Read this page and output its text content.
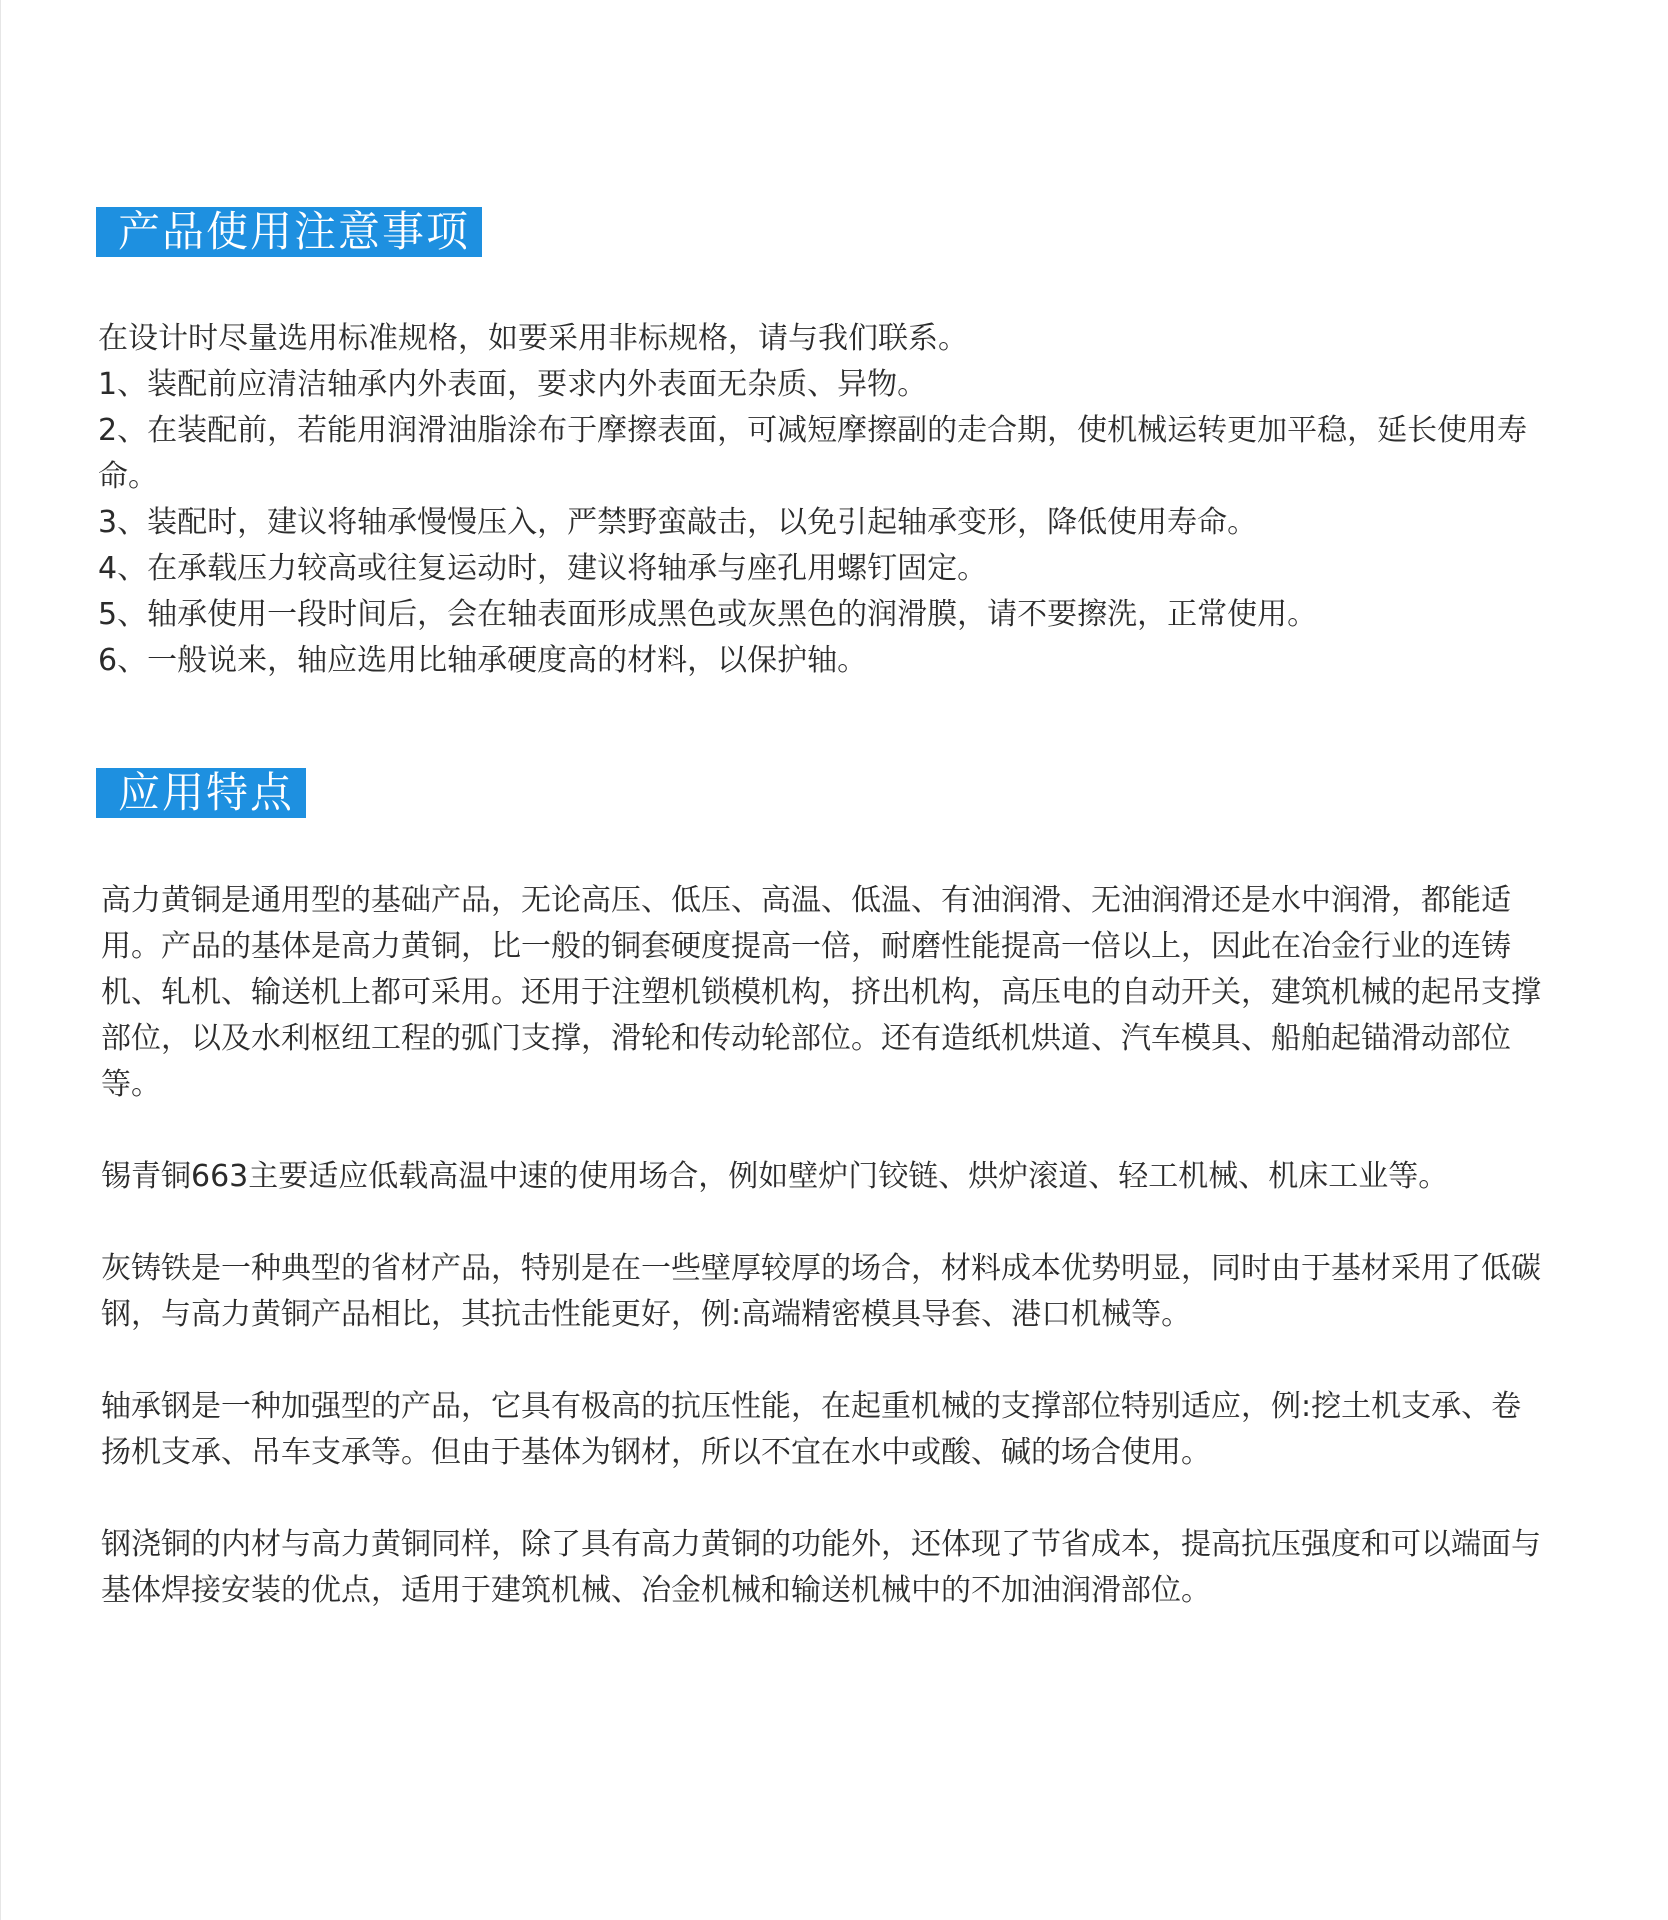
产品使用注意事项

在设计时尽量选用标准规格，如要采用非标规格，请与我们联系。

1、装配前应清洁轴承内外表面，要求内外表面无杂质、异物。

2、在装配前，若能用润滑油脂涂布于摩擦表面，可减短摩擦副的走合期，使机械运转更加平稳，延长使用寿命。

3、装配时，建议将轴承慢慢压入，严禁野蛮敲击，以免引起轴承变形，降低使用寿命。

4、在承载压力较高或往复运动时，建议将轴承与座孔用螺钉固定。

5、轴承使用一段时间后，会在轴表面形成黑色或灰黑色的润滑膜，请不要擦洗，正常使用。

6、一般说来，轴应选用比轴承硬度高的材料，以保护轴。

应用特点

高力黄铜是通用型的基础产品，无论高压、低压、高温、低温、有油润滑、无油润滑还是水中润滑，都能适用。产品的基体是高力黄铜，比一般的铜套硬度提高一倍，耐磨性能提高一倍以上，因此在冶金行业的连铸机、轧机、输送机上都可采用。还用于注塑机锁模机构，挤出机构，高压电的自动开关，建筑机械的起吊支撑部位，以及水利枢纽工程的弧门支撑，滑轮和传动轮部位。还有造纸机烘道、汽车模具、船舶起锚滑动部位等。

锡青铜663主要适应低载高温中速的使用场合，例如壁炉门铰链、烘炉滚道、轻工机械、机床工业等。

灰铸铁是一种典型的省材产品，特别是在一些壁厚较厚的场合，材料成本优势明显，同时由于基材采用了低碳钢，与高力黄铜产品相比，其抗击性能更好，例:高端精密模具导套、港口机械等。

轴承钢是一种加强型的产品，它具有极高的抗压性能，在起重机械的支撑部位特别适应，例:挖土机支承、卷扬机支承、吊车支承等。但由于基体为钢材，所以不宜在水中或酸、碱的场合使用。

钢浇铜的内材与高力黄铜同样，除了具有高力黄铜的功能外，还体现了节省成本，提高抗压强度和可以端面与基体焊接安装的优点，适用于建筑机械、冶金机械和输送机械中的不加油润滑部位。
